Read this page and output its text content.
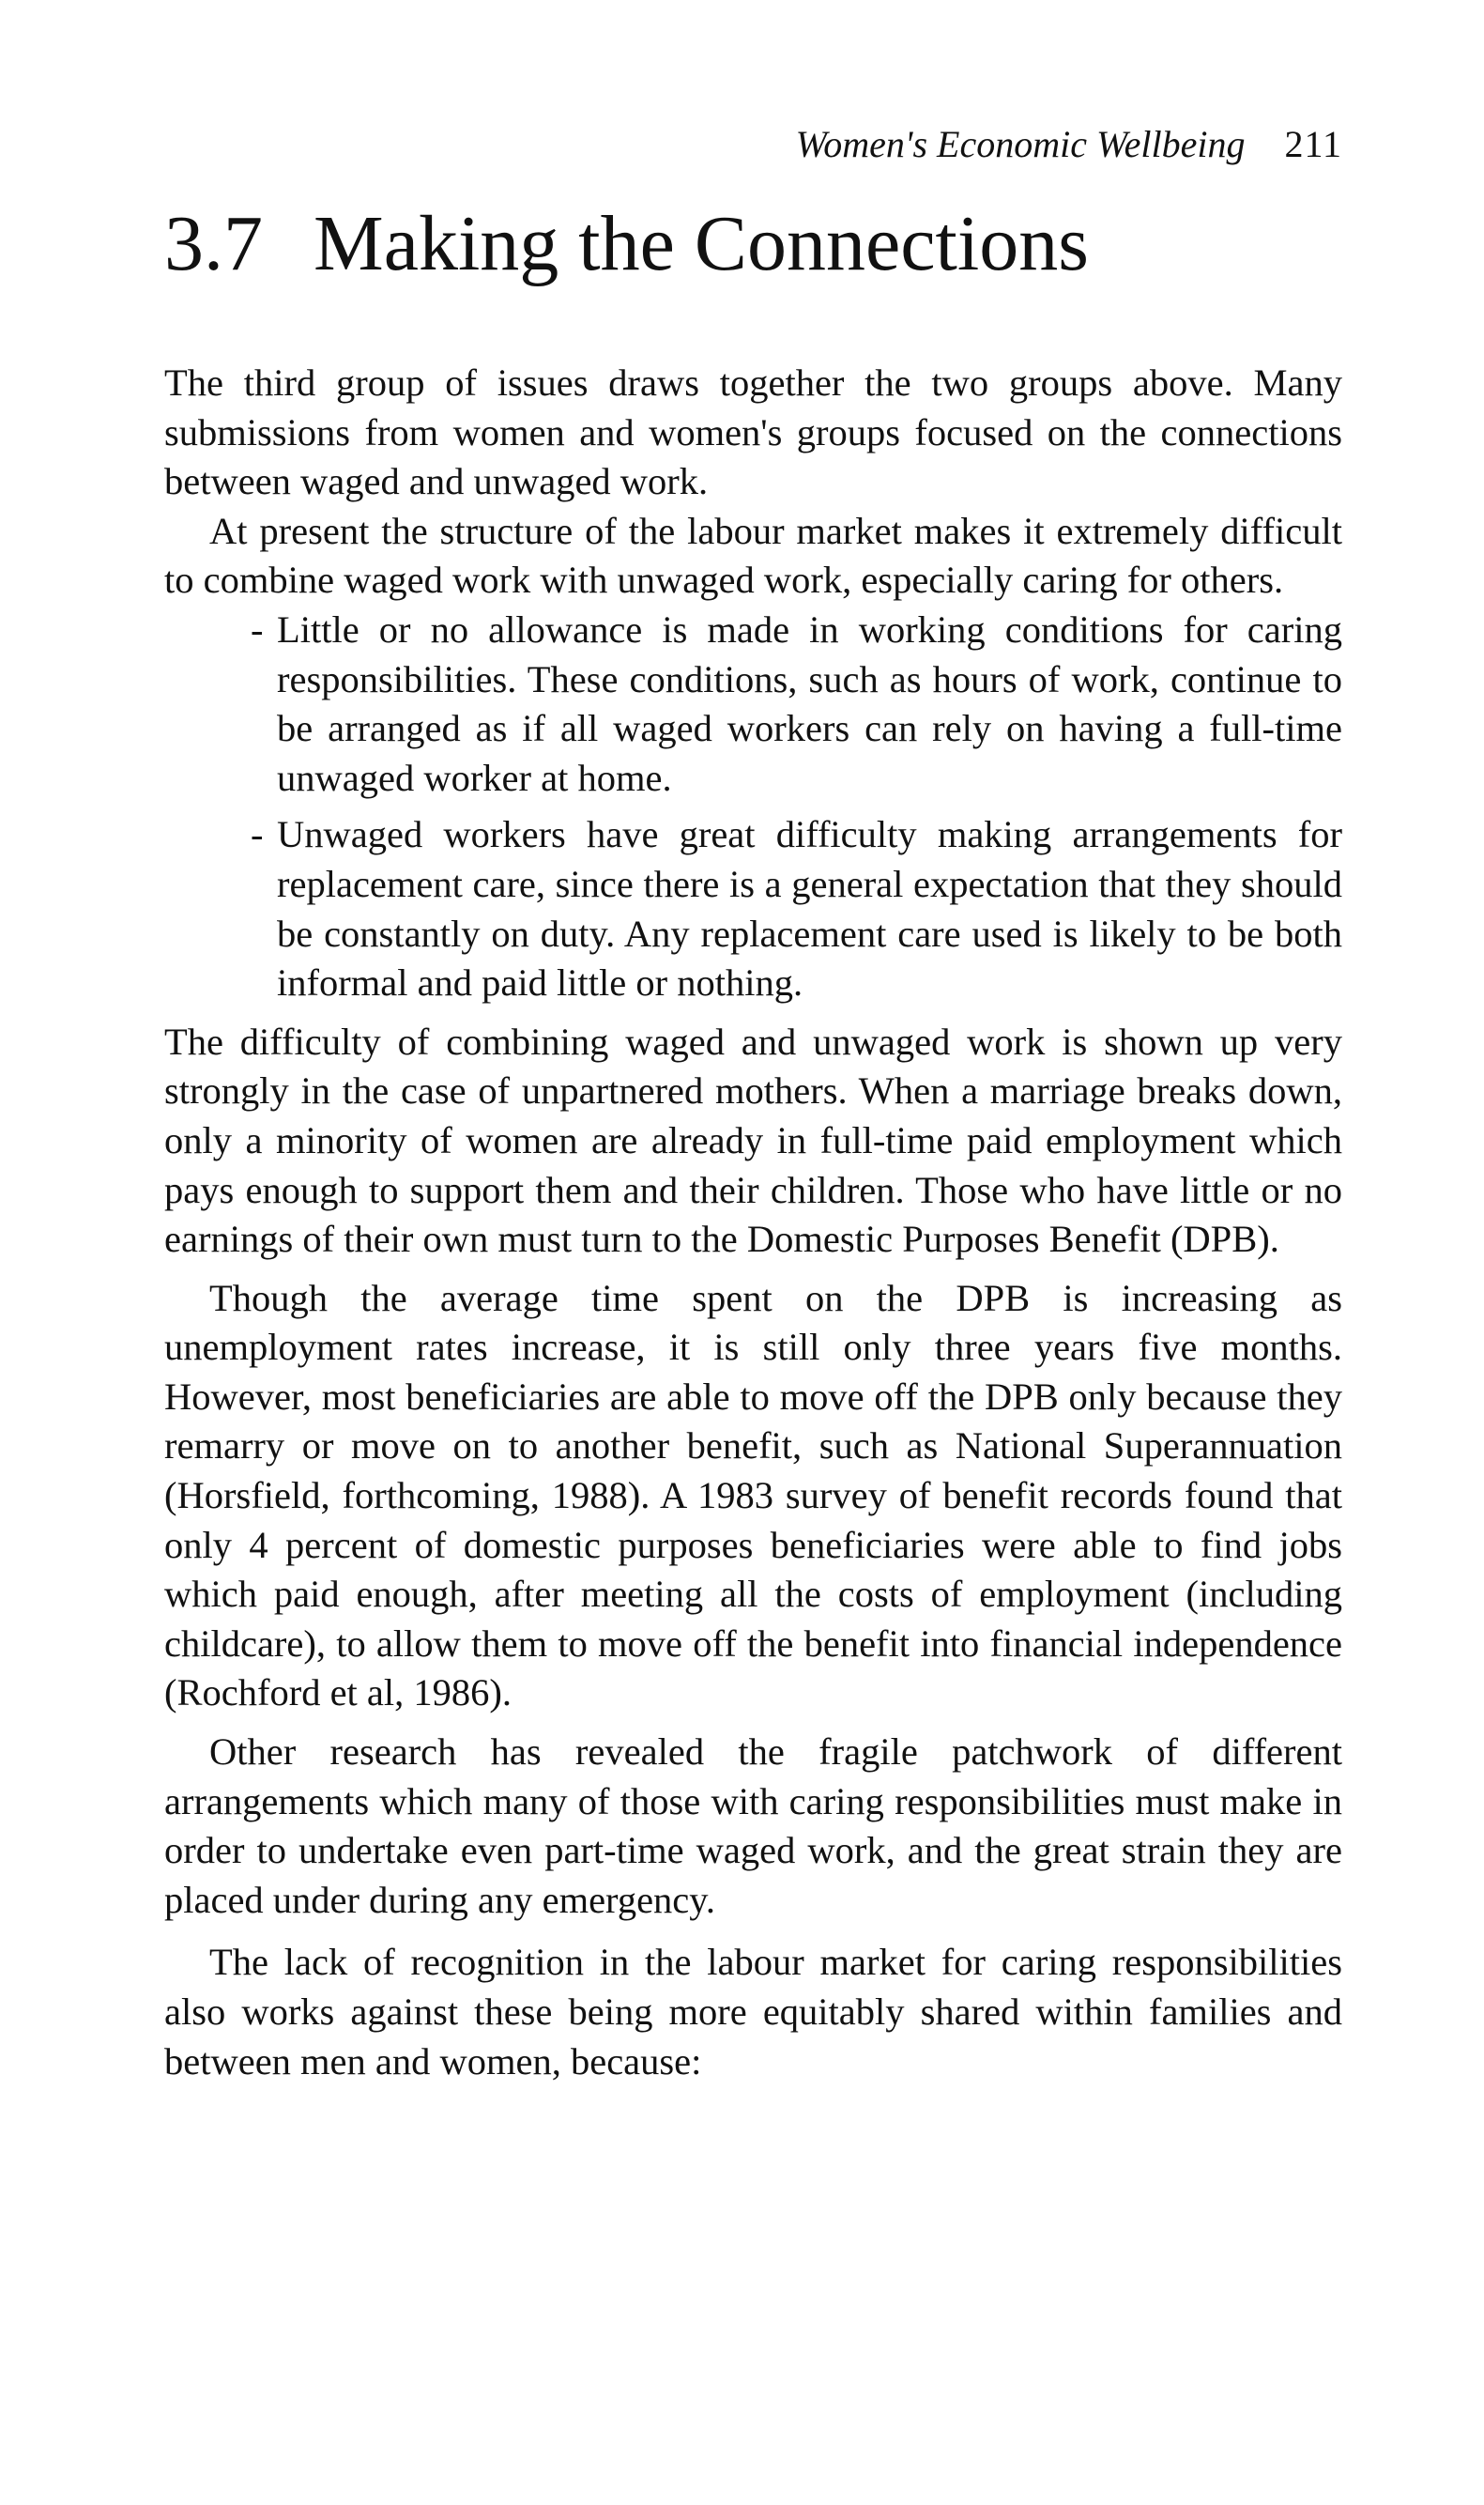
Women's Economic Wellbeing 211
3.7 Making the Connections

The third group of issues draws together the two groups above. Many submissions from women and women's groups focused on the connections between waged and unwaged work.

At present the structure of the labour market makes it extremely difficult to combine waged work with unwaged work, especially caring for others.

- Little or no allowance is made in working conditions for caring responsibilities. These conditions, such as hours of work, continue to be arranged as if all waged workers can rely on having a full-time unwaged worker at home.
- Unwaged workers have great difficulty making arrangements for replacement care, since there is a general expectation that they should be constantly on duty. Any replacement care used is likely to be both informal and paid little or nothing.

The difficulty of combining waged and unwaged work is shown up very strongly in the case of unpartnered mothers. When a marriage breaks down, only a minority of women are already in full-time paid employment which pays enough to support them and their children. Those who have little or no earnings of their own must turn to the Domestic Purposes Benefit (DPB).

Though the average time spent on the DPB is increasing as unemployment rates increase, it is still only three years five months. However, most beneficiaries are able to move off the DPB only because they remarry or move on to another benefit, such as National Superannuation (Horsfield, forthcoming, 1988). A 1983 survey of benefit records found that only 4 percent of domestic purposes beneficiaries were able to find jobs which paid enough, after meeting all the costs of employment (including childcare), to allow them to move off the benefit into financial independence (Rochford et al, 1986).

Other research has revealed the fragile patchwork of different arrangements which many of those with caring responsibilities must make in order to undertake even part-time waged work, and the great strain they are placed under during any emergency.

The lack of recognition in the labour market for caring responsibilities also works against these being more equitably shared within families and between men and women, because:
